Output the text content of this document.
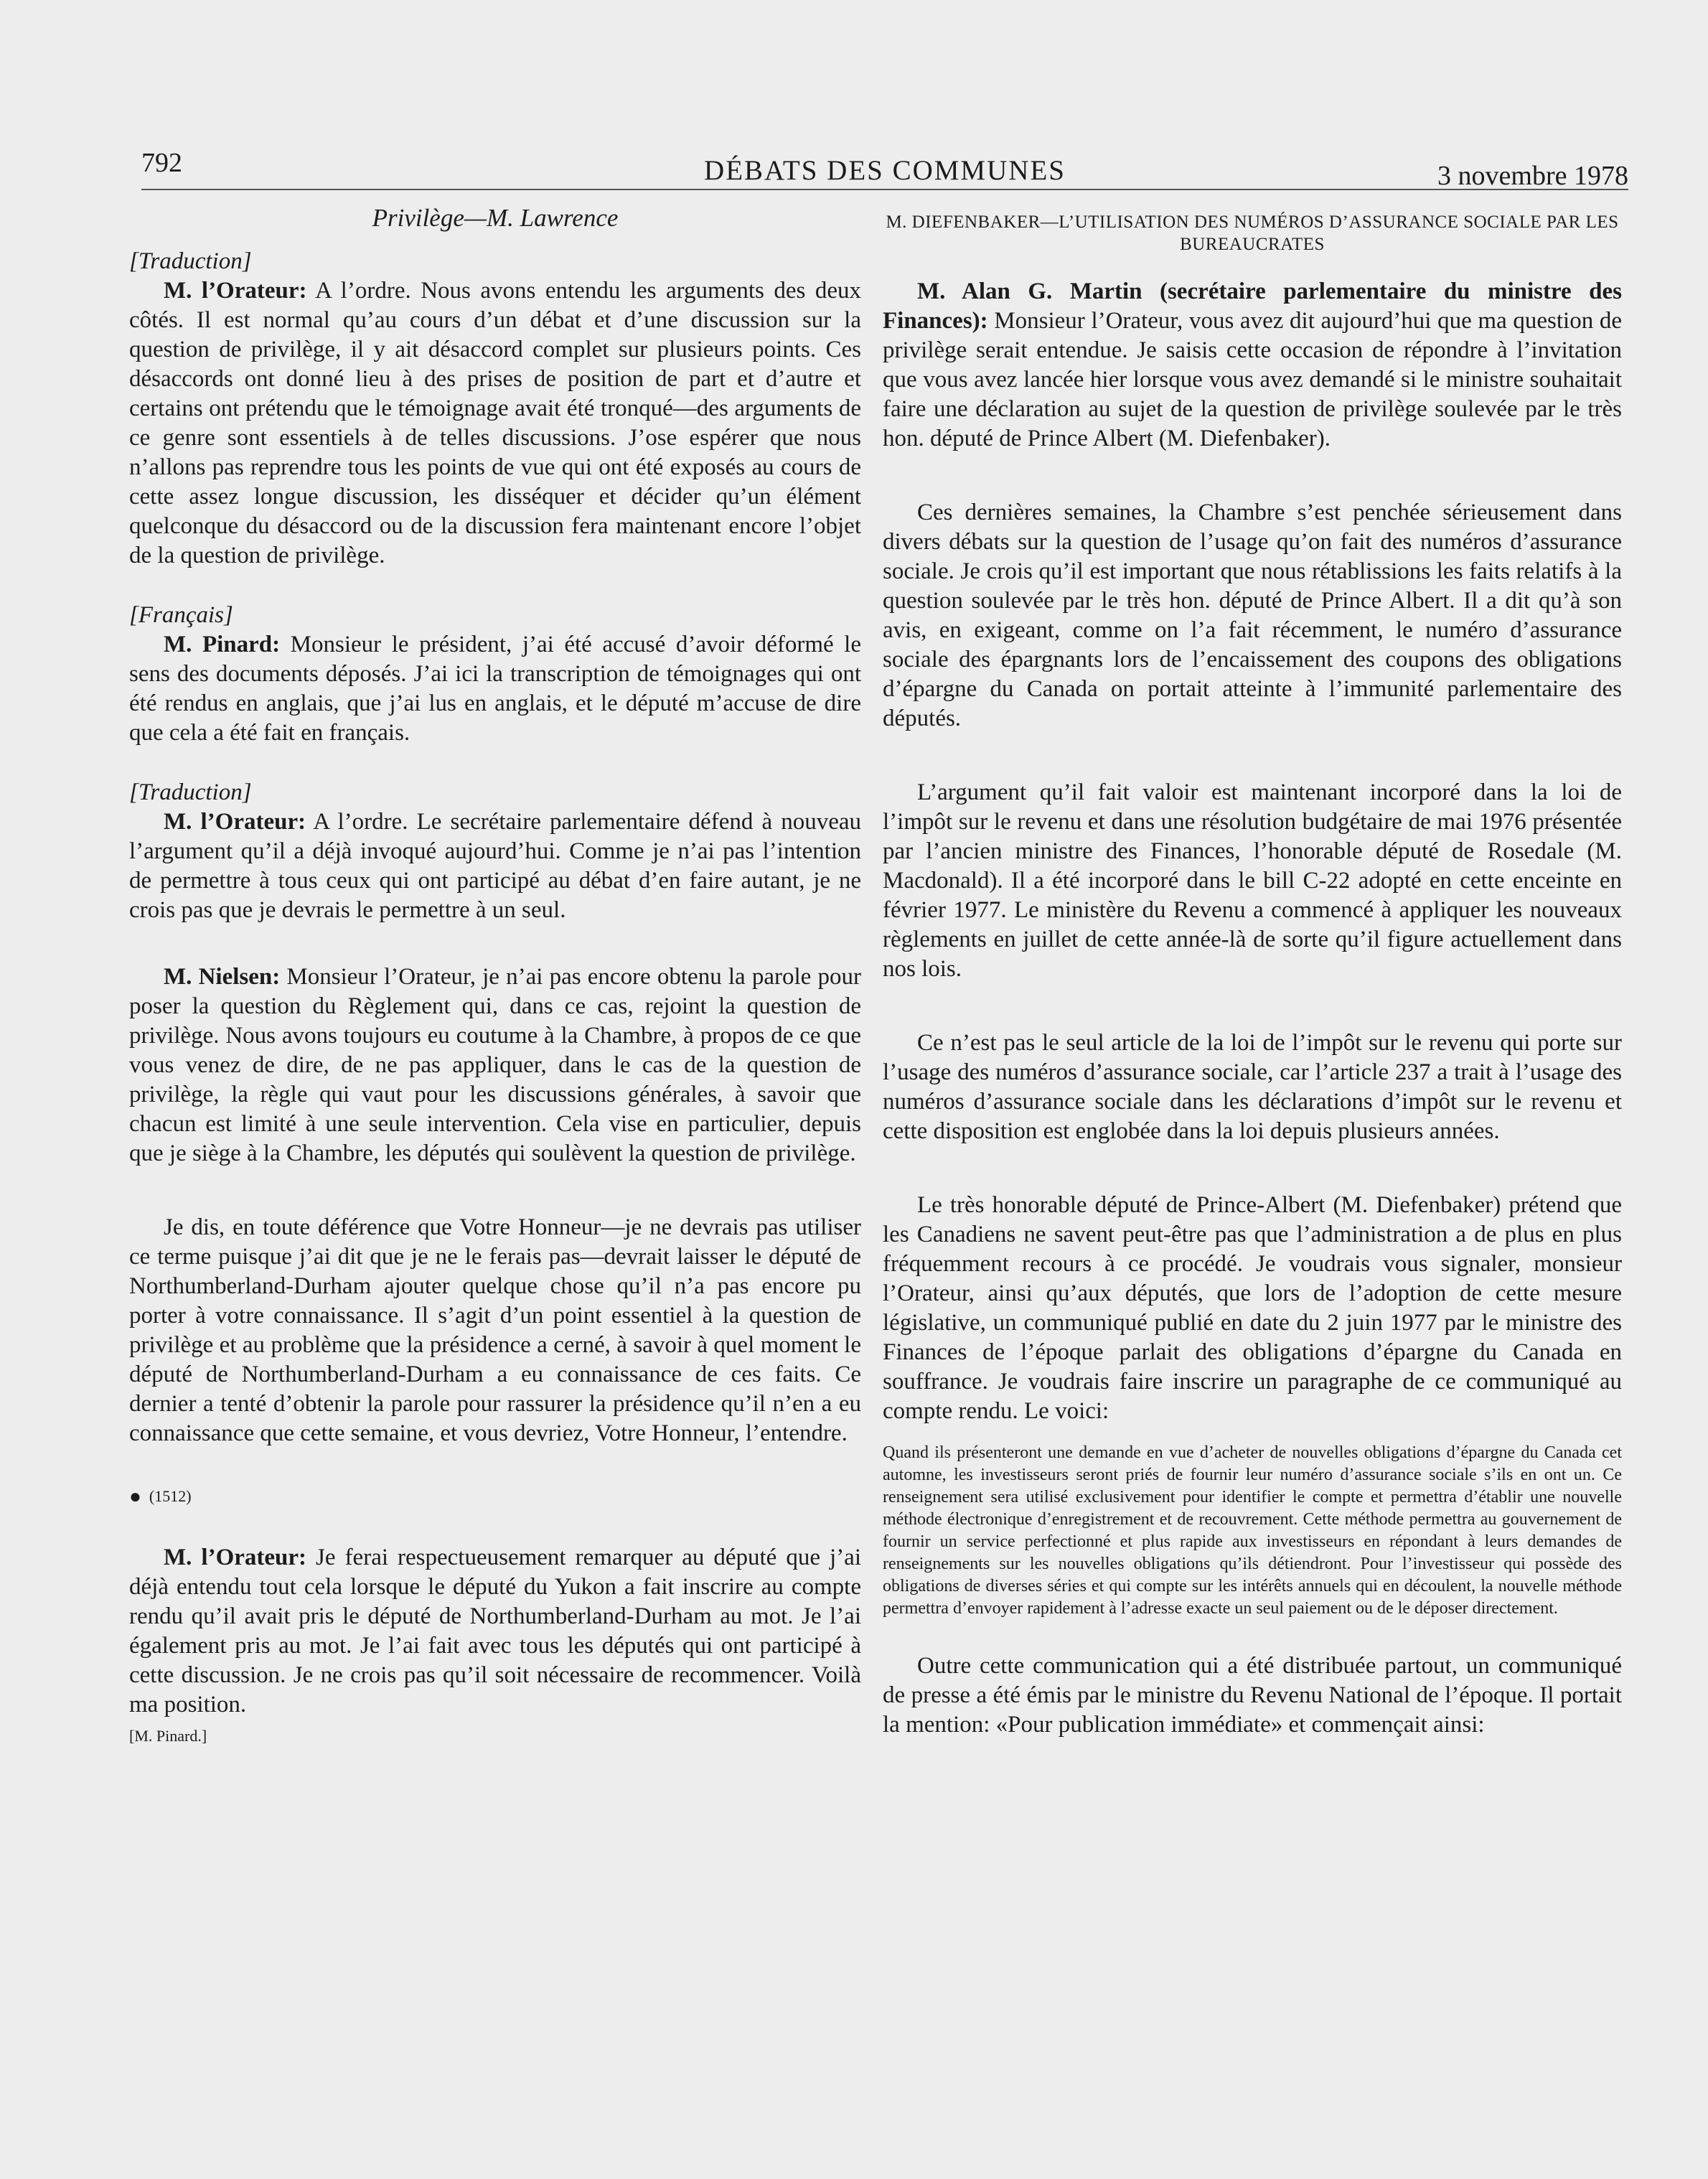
792	DÉBATS DES COMMUNES	3 novembre 1978
Privilège—M. Lawrence
[Traduction]

M. l’Orateur: A l’ordre. Nous avons entendu les arguments des deux côtés. Il est normal qu’au cours d’un débat et d’une discussion sur la question de privilège, il y ait désaccord complet sur plusieurs points. Ces désaccords ont donné lieu à des prises de position de part et d’autre et certains ont prétendu que le témoignage avait été tronqué—des arguments de ce genre sont essentiels à de telles discussions. J’ose espérer que nous n’allons pas reprendre tous les points de vue qui ont été exposés au cours de cette assez longue discussion, les disséquer et décider qu’un élément quelconque du désaccord ou de la discussion fera maintenant encore l’objet de la question de privilège.

[Français]

M. Pinard: Monsieur le président, j’ai été accusé d’avoir déformé le sens des documents déposés. J’ai ici la transcription de témoignages qui ont été rendus en anglais, que j’ai lus en anglais, et le député m’accuse de dire que cela a été fait en français.

[Traduction]

M. l’Orateur: A l’ordre. Le secrétaire parlementaire défend à nouveau l’argument qu’il a déjà invoqué aujourd’hui. Comme je n’ai pas l’intention de permettre à tous ceux qui ont participé au débat d’en faire autant, je ne crois pas que je devrais le permettre à un seul.

M. Nielsen: Monsieur l’Orateur, je n’ai pas encore obtenu la parole pour poser la question du Règlement qui, dans ce cas, rejoint la question de privilège. Nous avons toujours eu coutume à la Chambre, à propos de ce que vous venez de dire, de ne pas appliquer, dans le cas de la question de privilège, la règle qui vaut pour les discussions générales, à savoir que chacun est limité à une seule intervention. Cela vise en particulier, depuis que je siège à la Chambre, les députés qui soulèvent la question de privilège.

Je dis, en toute déférence que Votre Honneur—je ne devrais pas utiliser ce terme puisque j’ai dit que je ne le ferais pas—devrait laisser le député de Northumberland-Durham ajouter quelque chose qu’il n’a pas encore pu porter à votre connaissance. Il s’agit d’un point essentiel à la question de privilège et au problème que la présidence a cerné, à savoir à quel moment le député de Northumberland-Durham a eu connaissance de ces faits. Ce dernier a tenté d’obtenir la parole pour rassurer la présidence qu’il n’en a eu connaissance que cette semaine, et vous devriez, Votre Honneur, l’entendre.

● (1512)

M. l’Orateur: Je ferai respectueusement remarquer au député que j’ai déjà entendu tout cela lorsque le député du Yukon a fait inscrire au compte rendu qu’il avait pris le député de Northumberland-Durham au mot. Je l’ai également pris au mot. Je l’ai fait avec tous les députés qui ont participé à cette discussion. Je ne crois pas qu’il soit nécessaire de recommencer. Voilà ma position.

[M. Pinard.]
M. DIEFENBAKER—L’UTILISATION DES NUMÉROS D’ASSURANCE SOCIALE PAR LES BUREAUCRATES

M. Alan G. Martin (secrétaire parlementaire du ministre des Finances): Monsieur l’Orateur, vous avez dit aujourd’hui que ma question de privilège serait entendue. Je saisis cette occasion de répondre à l’invitation que vous avez lancée hier lorsque vous avez demandé si le ministre souhaitait faire une déclaration au sujet de la question de privilège soulevée par le très hon. député de Prince Albert (M. Diefenbaker).

Ces dernières semaines, la Chambre s’est penchée sérieusement dans divers débats sur la question de l’usage qu’on fait des numéros d’assurance sociale. Je crois qu’il est important que nous rétablissions les faits relatifs à la question soulevée par le très hon. député de Prince Albert. Il a dit qu’à son avis, en exigeant, comme on l’a fait récemment, le numéro d’assurance sociale des épargnants lors de l’encaissement des coupons des obligations d’épargne du Canada on portait atteinte à l’immunité parlementaire des députés.

L’argument qu’il fait valoir est maintenant incorporé dans la loi de l’impôt sur le revenu et dans une résolution budgétaire de mai 1976 présentée par l’ancien ministre des Finances, l’honorable député de Rosedale (M. Macdonald). Il a été incorporé dans le bill C-22 adopté en cette enceinte en février 1977. Le ministère du Revenu a commencé à appliquer les nouveaux règlements en juillet de cette année-là de sorte qu’il figure actuellement dans nos lois.

Ce n’est pas le seul article de la loi de l’impôt sur le revenu qui porte sur l’usage des numéros d’assurance sociale, car l’article 237 a trait à l’usage des numéros d’assurance sociale dans les déclarations d’impôt sur le revenu et cette disposition est englobée dans la loi depuis plusieurs années.

Le très honorable député de Prince-Albert (M. Diefenbaker) prétend que les Canadiens ne savent peut-être pas que l’administration a de plus en plus fréquemment recours à ce procédé. Je voudrais vous signaler, monsieur l’Orateur, ainsi qu’aux députés, que lors de l’adoption de cette mesure législative, un communiqué publié en date du 2 juin 1977 par le ministre des Finances de l’époque parlait des obligations d’épargne du Canada en souffrance. Je voudrais faire inscrire un paragraphe de ce communiqué au compte rendu. Le voici:

Quand ils présenteront une demande en vue d’acheter de nouvelles obligations d’épargne du Canada cet automne, les investisseurs seront priés de fournir leur numéro d’assurance sociale s’ils en ont un. Ce renseignement sera utilisé exclusivement pour identifier le compte et permettra d’établir une nouvelle méthode électronique d’enregistrement et de recouvrement. Cette méthode permettra au gouvernement de fournir un service perfectionné et plus rapide aux investisseurs en répondant à leurs demandes de renseignements sur les nouvelles obligations qu’ils détiendront. Pour l’investisseur qui possède des obligations de diverses séries et qui compte sur les intérêts annuels qui en découlent, la nouvelle méthode permettra d’envoyer rapidement à l’adresse exacte un seul paiement ou de le déposer directement.

Outre cette communication qui a été distribuée partout, un communiqué de presse a été émis par le ministre du Revenu National de l’époque. Il portait la mention: «Pour publication immédiate» et commençait ainsi:
